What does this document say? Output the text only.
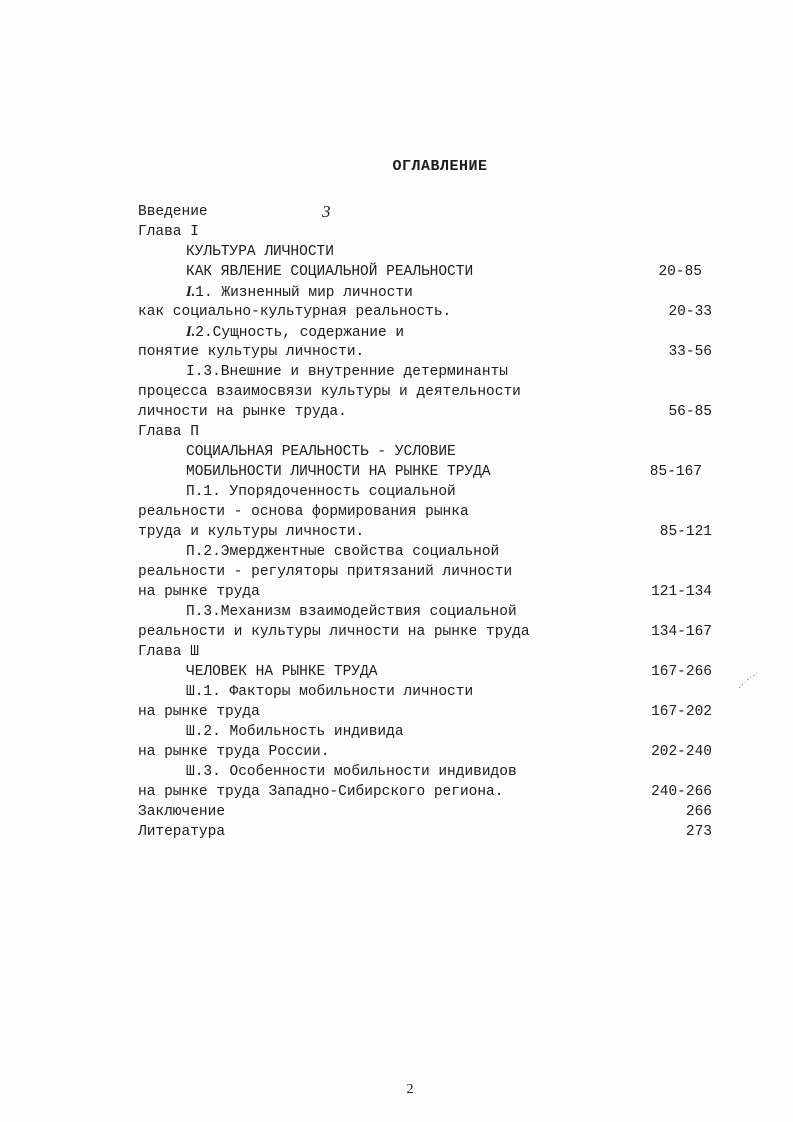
ОГЛАВЛЕНИЕ
Введение	3
Глава I
КУЛЬТУРА ЛИЧНОСТИ
КАК ЯВЛЕНИЕ СОЦИАЛЬНОЙ РЕАЛЬНОСТИ	20-85
I.1. Жизненный мир личности
как социально-культурная реальность.	20-33
I.2.Сущность, содержание и
понятие культуры личности.	33-56
I.3.Внешние и внутренние детерминанты
процесса взаимосвязи культуры и деятельности
личности на рынке труда.	56-85
Глава П
СОЦИАЛЬНАЯ РЕАЛЬНОСТЬ - УСЛОВИЕ
МОБИЛЬНОСТИ ЛИЧНОСТИ НА РЫНКЕ ТРУДА	85-167
П.1. Упорядоченность социальной
реальности - основа формирования рынка
труда и культуры личности.	85-121
П.2.Эмерджентные свойства социальной
реальности - регуляторы притязаний личности
на рынке труда	121-134
П.3.Механизм взаимодействия социальной
реальности и культуры личности на рынке труда	134-167
Глава Ш
ЧЕЛОВЕК НА РЫНКЕ ТРУДА	167-266
Ш.1. Факторы мобильности личности
на рынке труда	167-202
Ш.2. Мобильность индивида
на рынке труда России.	202-240
Ш.3. Особенности мобильности индивидов
на рынке труда Западно-Сибирского региона.	240-266
Заключение	266
Литература	273
2
